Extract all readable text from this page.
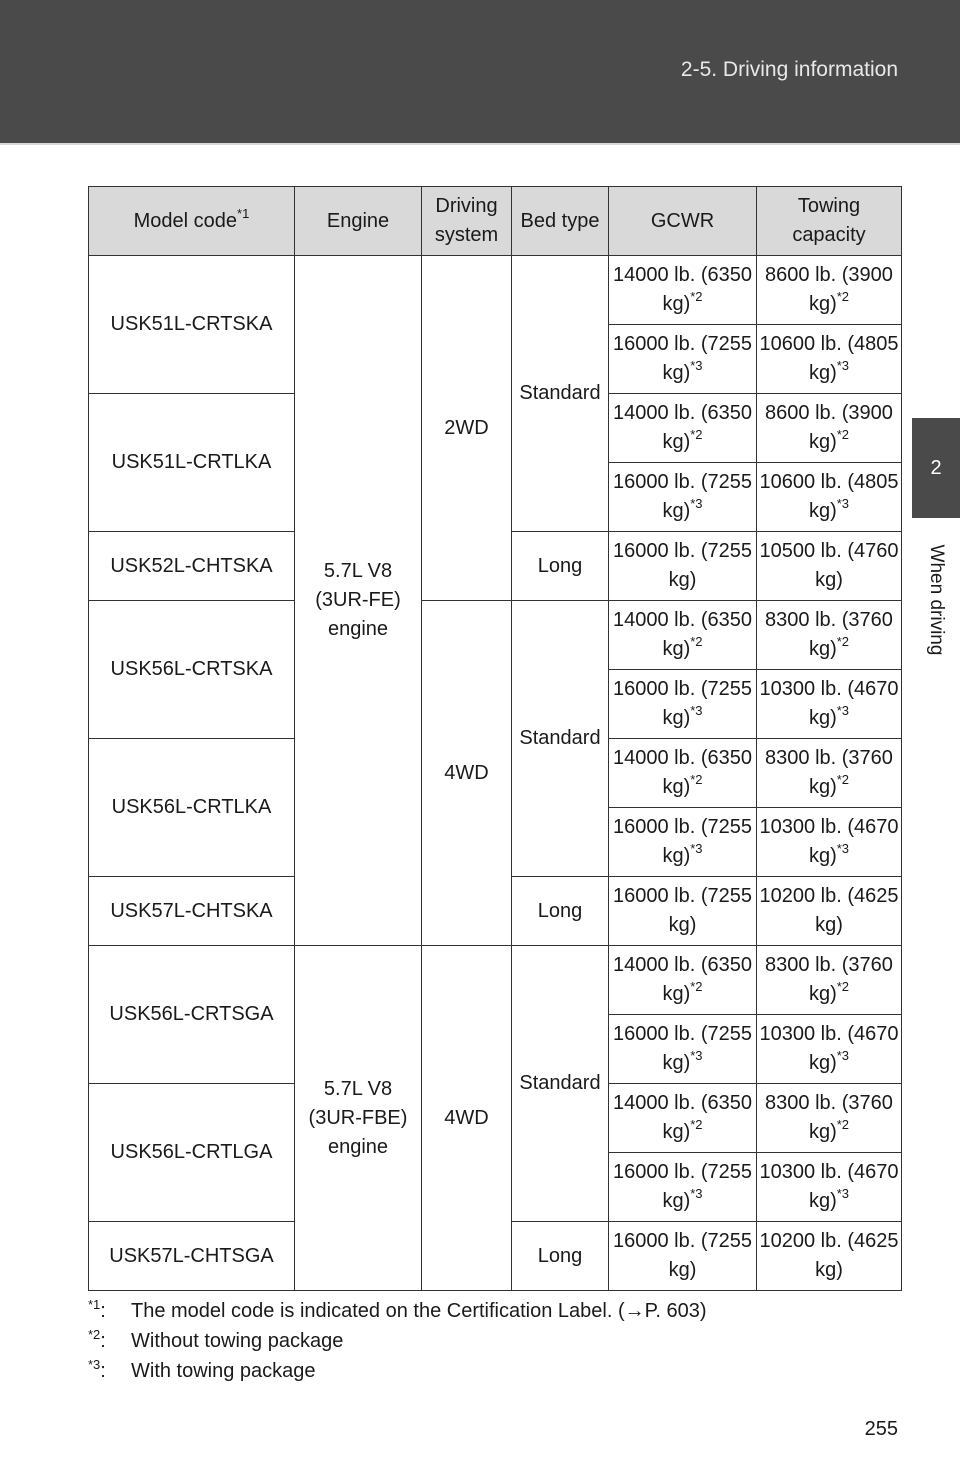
2-5. Driving information
2
When driving
Model code$^{*1}$	Engine	Driving system	Bed type	GCWR	Towing capacity
USK51L-CRTSKA	5.7L V8 (3UR-FE) engine	2WD	Standard	14000 lb. (6350 kg)$^{*2}$	8600 lb. (3900 kg)$^{*2}$
				16000 lb. (7255 kg)$^{*3}$	10600 lb. (4805 kg)$^{*3}$
USK51L-CRTLKA				14000 lb. (6350 kg)$^{*2}$	8600 lb. (3900 kg)$^{*2}$
				16000 lb. (7255 kg)$^{*3}$	10600 lb. (4805 kg)$^{*3}$
USK52L-CHTSKA			Long	16000 lb. (7255 kg)	10500 lb. (4760 kg)
USK56L-CRTSKA		4WD	Standard	14000 lb. (6350 kg)$^{*2}$	8300 lb. (3760 kg)$^{*2}$
				16000 lb. (7255 kg)$^{*3}$	10300 lb. (4670 kg)$^{*3}$
USK56L-CRTLKA				14000 lb. (6350 kg)$^{*2}$	8300 lb. (3760 kg)$^{*2}$
				16000 lb. (7255 kg)$^{*3}$	10300 lb. (4670 kg)$^{*3}$
USK57L-CHTSKA			Long	16000 lb. (7255 kg)	10200 lb. (4625 kg)
USK56L-CRTSGA	5.7L V8 (3UR-FBE) engine	4WD	Standard	14000 lb. (6350 kg)$^{*2}$	8300 lb. (3760 kg)$^{*2}$
				16000 lb. (7255 kg)$^{*3}$	10300 lb. (4670 kg)$^{*3}$
USK56L-CRTLGA				14000 lb. (6350 kg)$^{*2}$	8300 lb. (3760 kg)$^{*2}$
				16000 lb. (7255 kg)$^{*3}$	10300 lb. (4670 kg)$^{*3}$
USK57L-CHTSGA			Long	16000 lb. (7255 kg)	10200 lb. (4625 kg)
$^{*1}$: The model code is indicated on the Certification Label. (→P. 603)
$^{*2}$: Without towing package
$^{*3}$: With towing package
255
